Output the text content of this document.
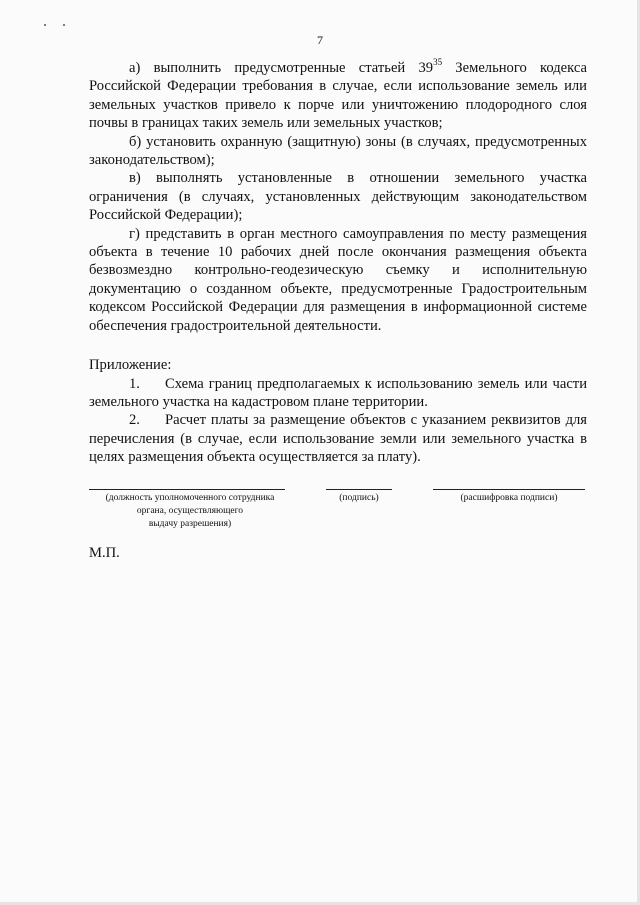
7

а) выполнить предусмотренные статьей $39^{35}$ Земельного кодекса Российской Федерации требования в случае, если использование земель или земельных участков привело к порче или уничтожению плодородного слоя почвы в границах таких земель или земельных участков;

б) установить охранную (защитную) зоны (в случаях, предусмотренных законодательством);

в) выполнять установленные в отношении земельного участка ограничения (в случаях, установленных действующим законодательством Российской Федерации);

г) представить в орган местного самоуправления по месту размещения объекта в течение 10 рабочих дней после окончания размещения объекта безвозмездно контрольно-геодезическую съемку и исполнительную документацию о созданном объекте, предусмотренные Градостроительным кодексом Российской Федерации для размещения в информационной системе обеспечения градостроительной деятельности.

Приложение:

1. Схема границ предполагаемых к использованию земель или части земельного участка на кадастровом плане территории.

2. Расчет платы за размещение объектов с указанием реквизитов для перечисления (в случае, если использование земли или земельного участка в целях размещения объекта осуществляется за плату).

(должность уполномоченного сотрудника
органа, осуществляющего
выдачу разрешения)
(подпись)	(расшифровка подписи)
М.П.
